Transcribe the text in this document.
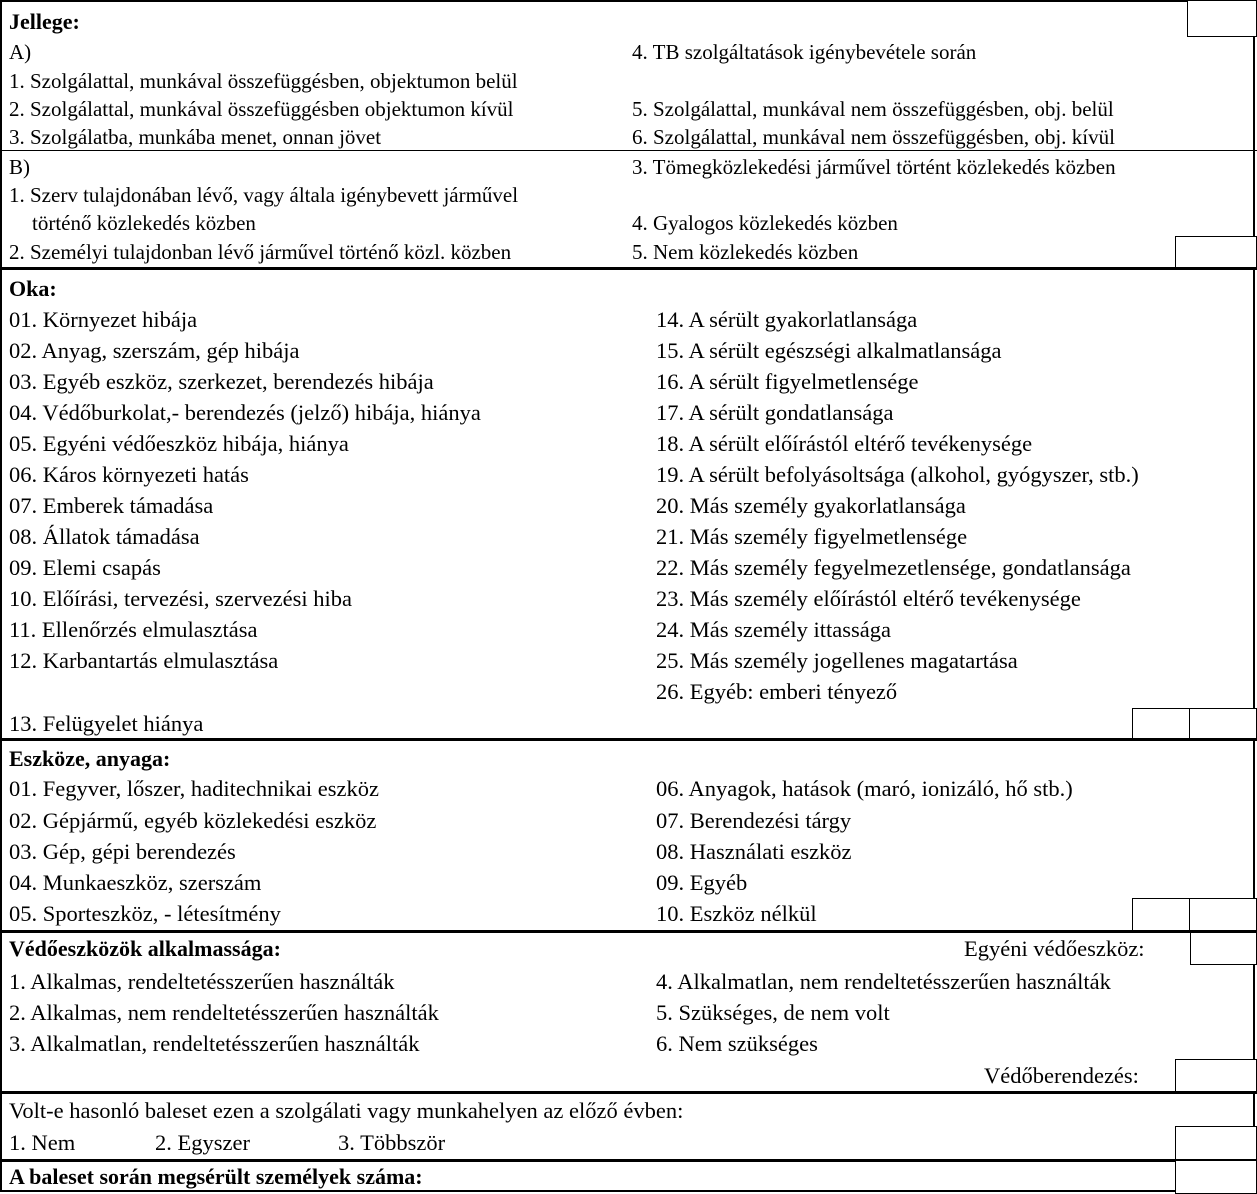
Jellege:
A)
1. Szolgálattal, munkával összefüggésben, objektumon belül
2. Szolgálattal, munkával összefüggésben objektumon kívül
3. Szolgálatba, munkába menet, onnan jövet
4. TB szolgáltatások igénybevétele során
5. Szolgálattal, munkával nem összefüggésben, obj. belül
6. Szolgálattal, munkával nem összefüggésben, obj. kívül
B)
1. Szerv tulajdonában lévő, vagy általa igénybevett járművel
történő közlekedés közben
2. Személyi tulajdonban lévő járművel történő közl. közben
3. Tömegközlekedési járművel történt közlekedés közben
4. Gyalogos közlekedés közben
5. Nem közlekedés közben
Oka:
01. Környezet hibája
02. Anyag, szerszám, gép hibája
03. Egyéb eszköz, szerkezet, berendezés hibája
04. Védőburkolat,- berendezés (jelző) hibája, hiánya
05. Egyéni védőeszköz hibája, hiánya
06. Káros környezeti hatás
07. Emberek támadása
08. Állatok támadása
09. Elemi csapás
10. Előírási, tervezési, szervezési hiba
11. Ellenőrzés elmulasztása
12. Karbantartás elmulasztása
13. Felügyelet hiánya
14. A sérült gyakorlatlansága
15. A sérült egészségi alkalmatlansága
16. A sérült figyelmetlensége
17. A sérült gondatlansága
18. A sérült előírástól eltérő tevékenysége
19. A sérült befolyásoltsága (alkohol, gyógyszer, stb.)
20. Más személy gyakorlatlansága
21. Más személy figyelmetlensége
22. Más személy fegyelmezetlensége, gondatlansága
23. Más személy előírástól eltérő tevékenysége
24. Más személy ittassága
25. Más személy jogellenes magatartása
26. Egyéb: emberi tényező
Eszköze, anyaga:
01. Fegyver, lőszer, haditechnikai eszköz
02. Gépjármű, egyéb közlekedési eszköz
03. Gép, gépi berendezés
04. Munkaeszköz, szerszám
05. Sporteszköz, - létesítmény
06. Anyagok, hatások (maró, ionizáló, hő stb.)
07. Berendezési tárgy
08. Használati eszköz
09. Egyéb
10. Eszköz nélkül
Védőeszközök alkalmassága:	Egyéni védőeszköz:
1. Alkalmas, rendeltetésszerűen használták
2. Alkalmas, nem rendeltetésszerűen használták
3. Alkalmatlan, rendeltetésszerűen használták
4. Alkalmatlan, nem rendeltetésszerűen használták
5. Szükséges, de nem volt
6. Nem szükséges
Védőberendezés:
Volt-e hasonló baleset ezen a szolgálati vagy munkahelyen az előző évben:
1. Nem	2. Egyszer	3. Többször
A baleset során megsérült személyek száma:
